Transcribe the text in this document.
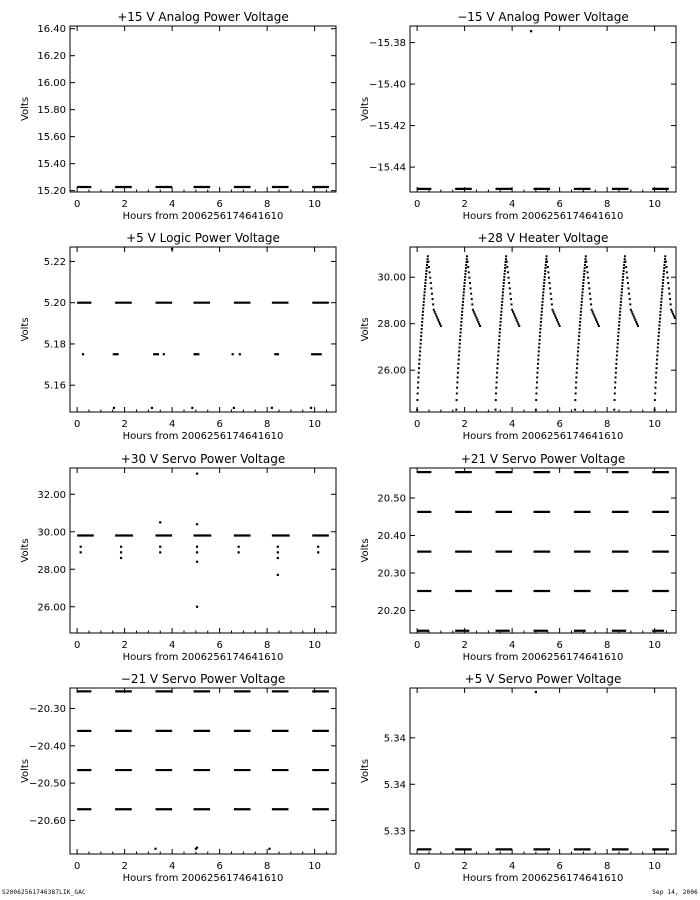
+15 V Analog Power Voltage
0	2	4	6	8	10
15.20
15.40
15.60
15.80
16.00
16.20
16.40
Hours from 2006256174641610
Volts
−15 V Analog Power Voltage
0	2	4	6	8	10
−15.38
−15.40
−15.42
−15.44
Hours from 2006256174641610
Volts
+5 V Logic Power Voltage
0	2	4	6	8	10
5.16
5.18
5.20
5.22
Hours from 2006256174641610
Volts
+28 V Heater Voltage
0	2	4	6	8	10
26.00
28.00
30.00
Hours from 2006256174641610
Volts
+30 V Servo Power Voltage
0	2	4	6	8	10
26.00
28.00
30.00
32.00
Hours from 2006256174641610
Volts
+21 V Servo Power Voltage
0	2	4	6	8	10
20.20
20.30
20.40
20.50
Hours from 2006256174641610
Volts
−21 V Servo Power Voltage
0	2	4	6	8	10
−20.30
−20.40
−20.50
−20.60
Hours from 2006256174641610
Volts
+5 V Servo Power Voltage
0	2	4	6	8	10
5.33
5.34
5.34
Hours from 2006256174641610
Volts
S20062561746387LIK_GAC	Sep 14, 2006
